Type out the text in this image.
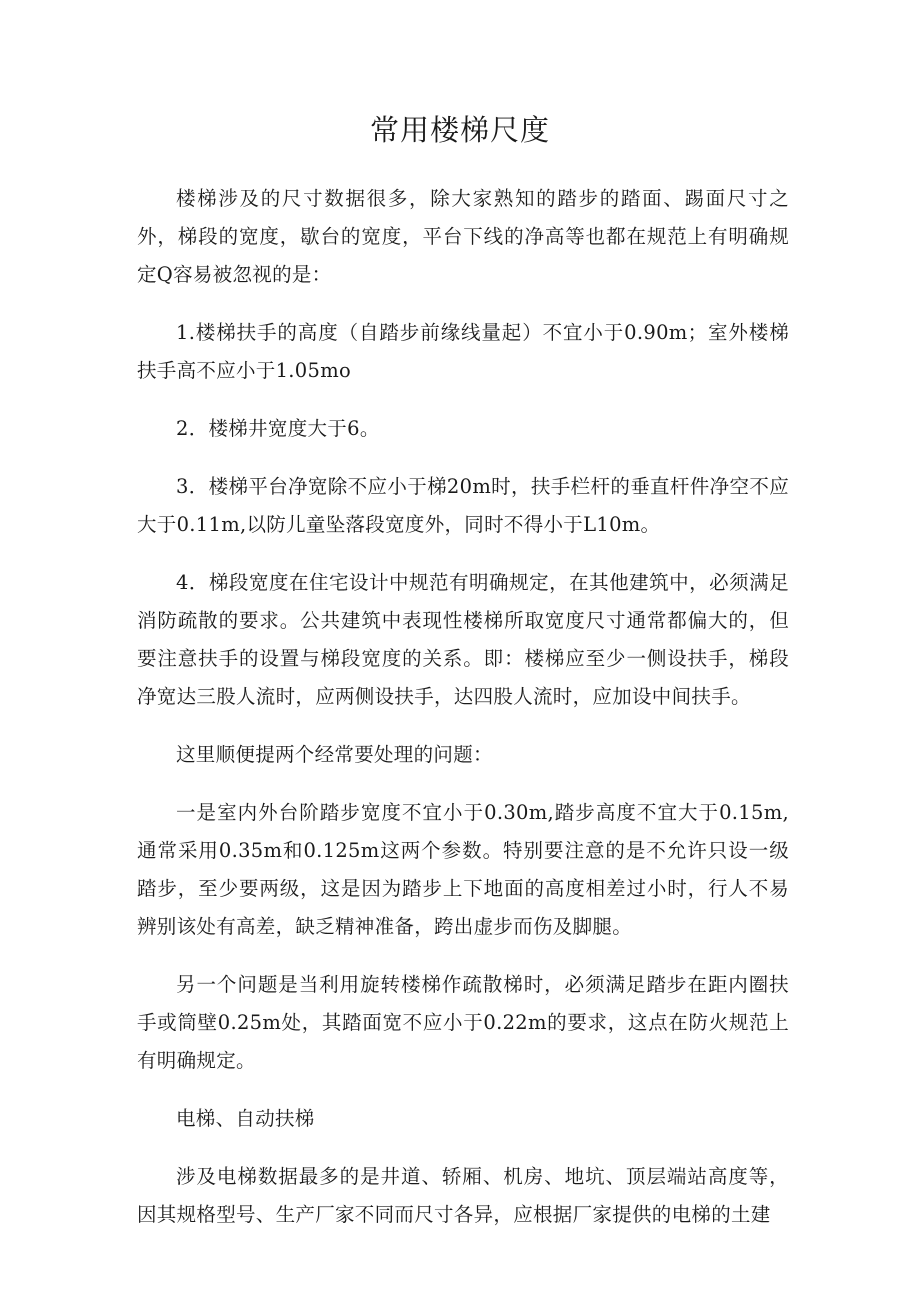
常用楼梯尺度

楼梯涉及的尺寸数据很多，除大家熟知的踏步的踏面、踢面尺寸之外，梯段的宽度，歇台的宽度，平台下线的净高等也都在规范上有明确规定Q容易被忽视的是：

1.楼梯扶手的高度（自踏步前缘线量起）不宜小于0.90m；室外楼梯扶手高不应小于1.05mo

2．楼梯井宽度大于6。

3．楼梯平台净宽除不应小于梯20m时，扶手栏杆的垂直杆件净空不应大于0.11m,以防儿童坠落段宽度外，同时不得小于L10m。

4．梯段宽度在住宅设计中规范有明确规定，在其他建筑中，必须满足消防疏散的要求。公共建筑中表现性楼梯所取宽度尺寸通常都偏大的，但要注意扶手的设置与梯段宽度的关系。即：楼梯应至少一侧设扶手，梯段净宽达三股人流时，应两侧设扶手，达四股人流时，应加设中间扶手。

这里顺便提两个经常要处理的问题：

一是室内外台阶踏步宽度不宜小于0.30m,踏步高度不宜大于0.15m,通常采用0.35m和0.125m这两个参数。特别要注意的是不允许只设一级踏步，至少要两级，这是因为踏步上下地面的高度相差过小时，行人不易辨别该处有高差，缺乏精神准备，跨出虚步而伤及脚腿。

另一个问题是当利用旋转楼梯作疏散梯时，必须满足踏步在距内圈扶手或筒壁0.25m处，其踏面宽不应小于0.22m的要求，这点在防火规范上有明确规定。

电梯、自动扶梯

涉及电梯数据最多的是井道、轿厢、机房、地坑、顶层端站高度等，因其规格型号、生产厂家不同而尺寸各异，应根据厂家提供的电梯的土建
